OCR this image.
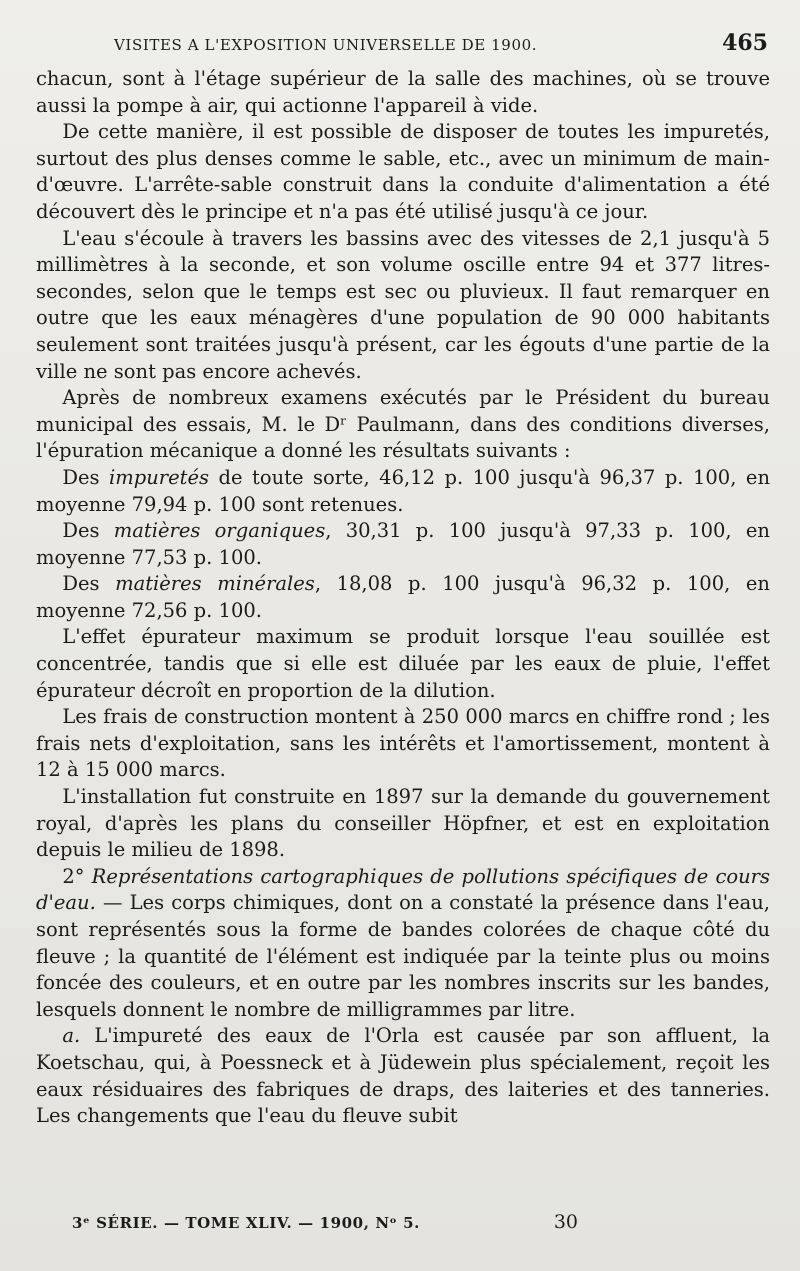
VISITES A L'EXPOSITION UNIVERSELLE DE 1900.	465

chacun, sont à l'étage supérieur de la salle des machines, où se trouve aussi la pompe à air, qui actionne l'appareil à vide.

De cette manière, il est possible de disposer de toutes les impuretés, surtout des plus denses comme le sable, etc., avec un minimum de main-d'œuvre. L'arrête-sable construit dans la conduite d'alimentation a été découvert dès le principe et n'a pas été utilisé jusqu'à ce jour.

L'eau s'écoule à travers les bassins avec des vitesses de 2,1 jusqu'à 5 millimètres à la seconde, et son volume oscille entre 94 et 377 litres-secondes, selon que le temps est sec ou pluvieux. Il faut remarquer en outre que les eaux ménagères d'une population de 90 000 habitants seulement sont traitées jusqu'à présent, car les égouts d'une partie de la ville ne sont pas encore achevés.

Après de nombreux examens exécutés par le Président du bureau municipal des essais, M. le Dʳ Paulmann, dans des conditions diverses, l'épuration mécanique a donné les résultats suivants :

Des impuretés de toute sorte, 46,12 p. 100 jusqu'à 96,37 p. 100, en moyenne 79,94 p. 100 sont retenues.

Des matières organiques, 30,31 p. 100 jusqu'à 97,33 p. 100, en moyenne 77,53 p. 100.

Des matières minérales, 18,08 p. 100 jusqu'à 96,32 p. 100, en moyenne 72,56 p. 100.

L'effet épurateur maximum se produit lorsque l'eau souillée est concentrée, tandis que si elle est diluée par les eaux de pluie, l'effet épurateur décroît en proportion de la dilution.

Les frais de construction montent à 250 000 marcs en chiffre rond ; les frais nets d'exploitation, sans les intérêts et l'amortissement, montent à 12 à 15 000 marcs.

L'installation fut construite en 1897 sur la demande du gouvernement royal, d'après les plans du conseiller Höpfner, et est en exploitation depuis le milieu de 1898.

2° Représentations cartographiques de pollutions spécifiques de cours d'eau. — Les corps chimiques, dont on a constaté la présence dans l'eau, sont représentés sous la forme de bandes colorées de chaque côté du fleuve ; la quantité de l'élément est indiquée par la teinte plus ou moins foncée des couleurs, et en outre par les nombres inscrits sur les bandes, lesquels donnent le nombre de milligrammes par litre.

a. L'impureté des eaux de l'Orla est causée par son affluent, la Koetschau, qui, à Poessneck et à Jüdewein plus spécialement, reçoit les eaux résiduaires des fabriques de draps, des laiteries et des tanneries. Les changements que l'eau du fleuve subit

3ᵉ SÉRIE. — TOME XLIV. — 1900, Nᵒ 5.	30
